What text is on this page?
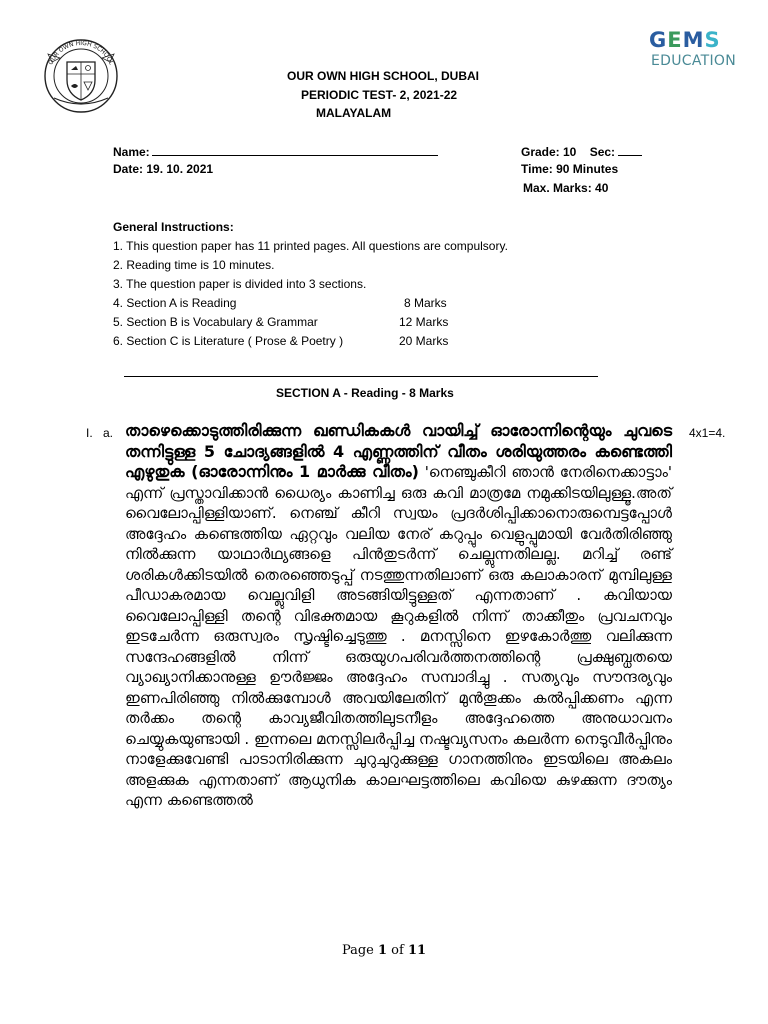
OUR OWN HIGH SCHOOL
GEMS
EDUCATION
OUR OWN HIGH SCHOOL, DUBAI
PERIODIC TEST- 2, 2021-22
MALAYALAM
Name:	Grade: 10 Sec:
Date: 19. 10. 2021	Time: 90 Minutes
Max. Marks: 40
General Instructions:
1. This question paper has 11 printed pages. All questions are compulsory.
2. Reading time is 10 minutes.
3. The question paper is divided into 3 sections.
4. Section A is Reading	8 Marks
5. Section B is Vocabulary & Grammar	12 Marks
6. Section C is Literature ( Prose & Poetry )	20 Marks
SECTION A - Reading - 8 Marks
I. a.	4x1=4.
താഴെക്കൊടുത്തിരിക്കുന്ന ഖണ്ഡികകൾ വായിച്ച് ഓരോന്നിന്റെയും ചുവടെ തന്നിട്ടുള്ള 5 ചോദ്യങ്ങളിൽ 4 എണ്ണത്തിന് വീതം ശരിയുത്തരം കണ്ടെത്തി എഴുതുക (ഓരോന്നിനും 1 മാർക്കു വീതം) 'നെഞ്ചുകീറി ഞാൻ നേരിനെക്കാട്ടാം' എന്ന് പ്രസ്താവിക്കാൻ ധൈര്യം കാണിച്ച ഒരു കവി മാത്രമേ നമുക്കിടയിലുള്ളൂ.അത് വൈലോപ്പിള്ളിയാണ്. നെഞ്ച് കീറി സ്വയം പ്രദർശിപ്പിക്കാനൊരുമ്പെട്ടപ്പോൾ അദ്ദേഹം കണ്ടെത്തിയ ഏറ്റവും വലിയ നേര് കറുപ്പും വെളുപ്പുമായി വേർതിരിഞ്ഞു നിൽക്കുന്ന യാഥാർഥ്യങ്ങളെ പിൻതുടർന്ന് ചെല്ലുന്നതിലല്ല. മറിച്ച് രണ്ട് ശരികൾക്കിടയിൽ തെരഞ്ഞെടുപ്പ് നടത്തുന്നതിലാണ് ഒരു കലാകാരന് മുമ്പിലുള്ള പീഡാകരമായ വെല്ലുവിളി അടങ്ങിയിട്ടുള്ളത് എന്നതാണ് . കവിയായ വൈലോപ്പിള്ളി തന്റെ വിഭക്തമായ കൂറുകളിൽ നിന്ന് താക്കീതും പ്രവചനവും ഇടചേർന്ന ഒരുസ്വരം സൃഷ്ടിച്ചെടുത്തു . മനസ്സിനെ ഇഴകോർത്തു വലിക്കുന്ന സന്ദേഹങ്ങളിൽ നിന്ന് ഒരുയുഗപരിവർത്തനത്തിന്റെ പ്രക്ഷുബ്ധതയെ വ്യാഖ്യാനിക്കാനുള്ള ഊർജ്ജം അദ്ദേഹം സമ്പാദിച്ചു . സത്യവും സൗന്ദര്യവും ഇണപിരിഞ്ഞു നിൽക്കുമ്പോൾ അവയിലേതിന് മുൻതൂക്കം കൽപ്പിക്കണം എന്ന തർക്കം തന്റെ കാവ്യജീവിതത്തിലുടനീളം അദ്ദേഹത്തെ അനുധാവനം ചെയ്യുകയുണ്ടായി . ഇന്നലെ മനസ്സിലർപ്പിച്ച നഷ്ടവ്യസനം കലർന്ന നെടുവീർപ്പിനും നാളേക്കുവേണ്ടി പാടാനിരിക്കുന്ന ചുറുചുറുക്കുള്ള ഗാനത്തിനും ഇടയിലെ അകലം അളക്കുക എന്നതാണ് ആധുനിക കാലഘട്ടത്തിലെ കവിയെ കുഴക്കുന്ന ദൗത്യം എന്ന കണ്ടെത്തൽ
Page 1 of 11
